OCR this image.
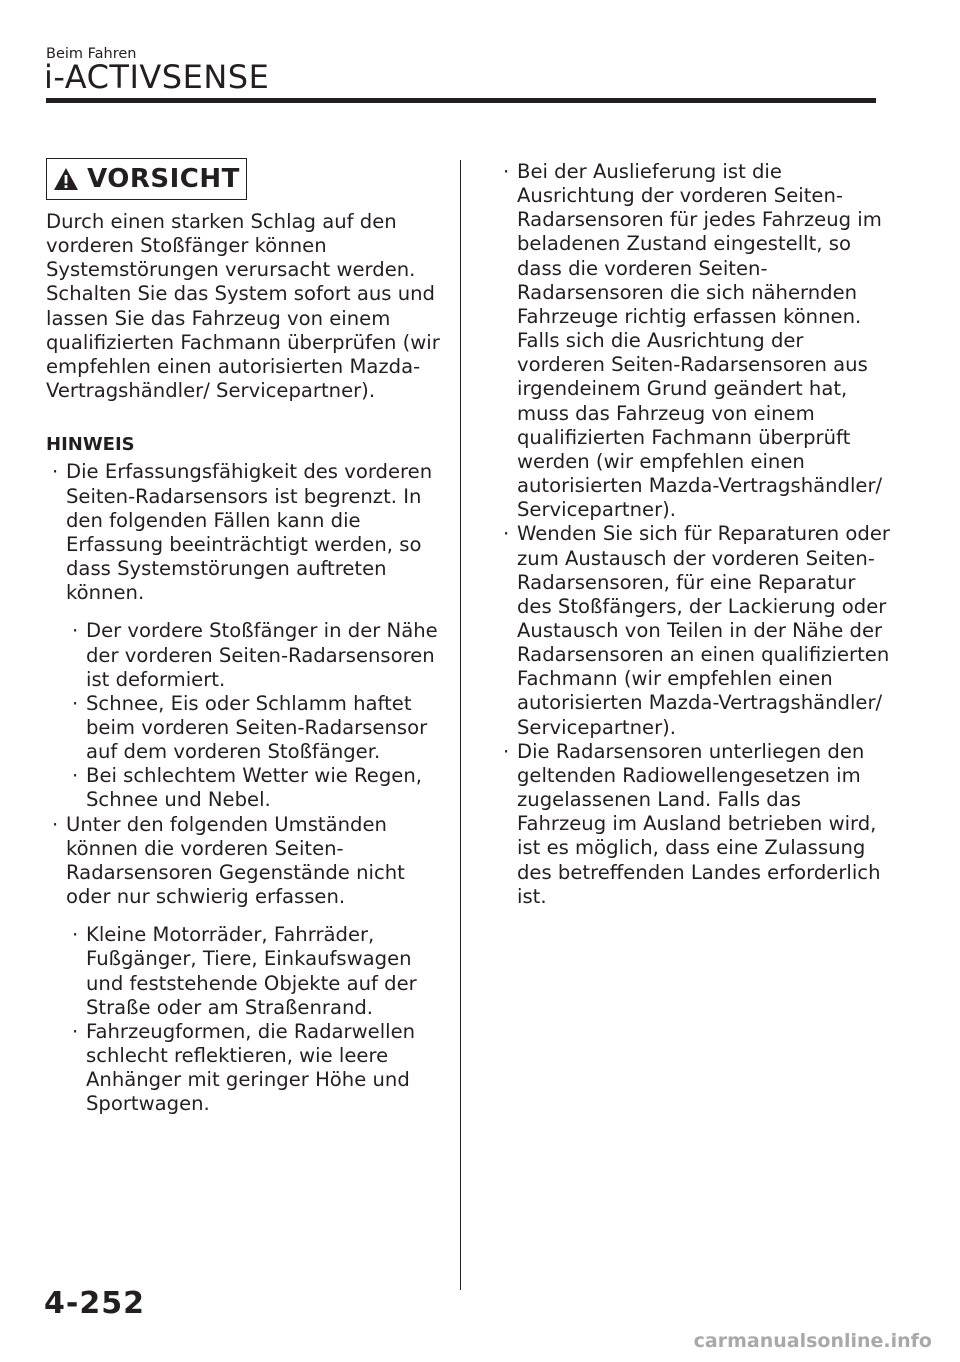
Beim Fahren
i-ACTIVSENSE
VORSICHT

Durch einen starken Schlag auf den vorderen Stoßfänger können Systemstörungen verursacht werden. Schalten Sie das System sofort aus und lassen Sie das Fahrzeug von einem qualifizierten Fachmann überprüfen (wir empfehlen einen autorisierten Mazda-Vertragshändler/ Servicepartner).

HINWEIS

· Die Erfassungsfähigkeit des vorderen Seiten-Radarsensors ist begrenzt. In den folgenden Fällen kann die Erfassung beeinträchtigt werden, so dass Systemstörungen auftreten können.

· Der vordere Stoßfänger in der Nähe der vorderen Seiten-Radarsensoren ist deformiert.

· Schnee, Eis oder Schlamm haftet beim vorderen Seiten-Radarsensor auf dem vorderen Stoßfänger.

· Bei schlechtem Wetter wie Regen, Schnee und Nebel.

· Unter den folgenden Umständen können die vorderen Seiten-Radarsensoren Gegenstände nicht oder nur schwierig erfassen.

· Kleine Motorräder, Fahrräder, Fußgänger, Tiere, Einkaufswagen und feststehende Objekte auf der Straße oder am Straßenrand.

· Fahrzeugformen, die Radarwellen schlecht reflektieren, wie leere Anhänger mit geringer Höhe und Sportwagen.

· Bei der Auslieferung ist die Ausrichtung der vorderen Seiten-Radarsensoren für jedes Fahrzeug im beladenen Zustand eingestellt, so dass die vorderen Seiten-Radarsensoren die sich nähernden Fahrzeuge richtig erfassen können. Falls sich die Ausrichtung der vorderen Seiten-Radarsensoren aus irgendeinem Grund geändert hat, muss das Fahrzeug von einem qualifizierten Fachmann überprüft werden (wir empfehlen einen autorisierten Mazda-Vertragshändler/ Servicepartner).

· Wenden Sie sich für Reparaturen oder zum Austausch der vorderen Seiten-Radarsensoren, für eine Reparatur des Stoßfängers, der Lackierung oder Austausch von Teilen in der Nähe der Radarsensoren an einen qualifizierten Fachmann (wir empfehlen einen autorisierten Mazda-Vertragshändler/ Servicepartner).

· Die Radarsensoren unterliegen den geltenden Radiowellengesetzen im zugelassenen Land. Falls das Fahrzeug im Ausland betrieben wird, ist es möglich, dass eine Zulassung des betreffenden Landes erforderlich ist.

4-252
carmanualsonline.info
